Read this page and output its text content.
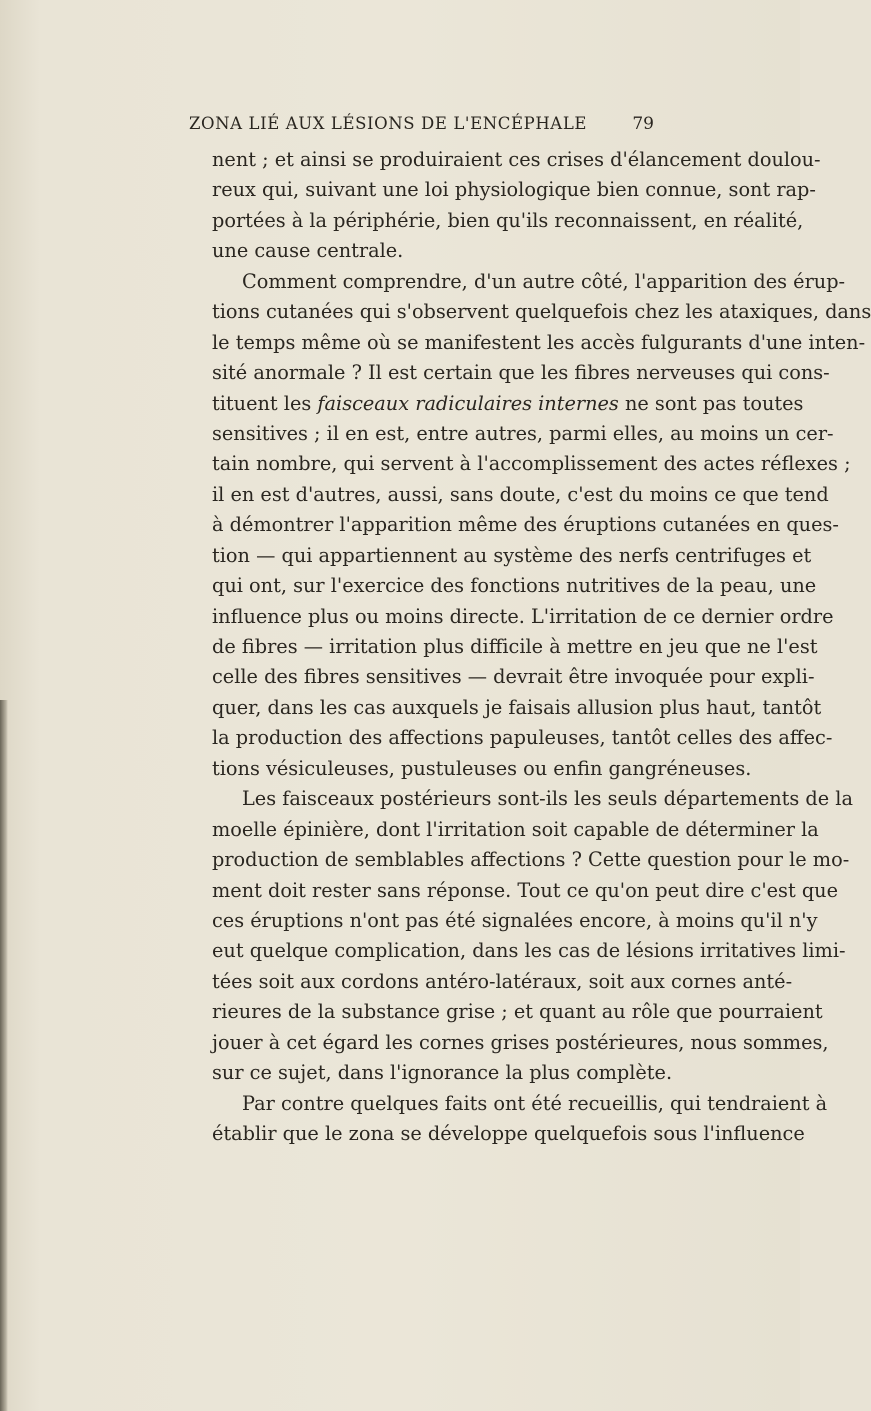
ZONA LIÉ AUX LÉSIONS DE L'ENCÉPHALE	79
nent ; et ainsi se produiraient ces crises d'élancement doulou-
reux qui, suivant une loi physiologique bien connue, sont rap-
portées à la périphérie, bien qu'ils reconnaissent, en réalité,
une cause centrale.
Comment comprendre, d'un autre côté, l'apparition des érup-
tions cutanées qui s'observent quelquefois chez les ataxiques, dans
le temps même où se manifestent les accès fulgurants d'une inten-
sité anormale ? Il est certain que les fibres nerveuses qui cons-
tituent les faisceaux radiculaires internes ne sont pas toutes
sensitives ; il en est, entre autres, parmi elles, au moins un cer-
tain nombre, qui servent à l'accomplissement des actes réflexes ;
il en est d'autres, aussi, sans doute, c'est du moins ce que tend
à démontrer l'apparition même des éruptions cutanées en ques-
tion — qui appartiennent au système des nerfs centrifuges et
qui ont, sur l'exercice des fonctions nutritives de la peau, une
influence plus ou moins directe. L'irritation de ce dernier ordre
de fibres — irritation plus difficile à mettre en jeu que ne l'est
celle des fibres sensitives — devrait être invoquée pour expli-
quer, dans les cas auxquels je faisais allusion plus haut, tantôt
la production des affections papuleuses, tantôt celles des affec-
tions vésiculeuses, pustuleuses ou enfin gangréneuses.
Les faisceaux postérieurs sont-ils les seuls départements de la
moelle épinière, dont l'irritation soit capable de déterminer la
production de semblables affections ? Cette question pour le mo-
ment doit rester sans réponse. Tout ce qu'on peut dire c'est que
ces éruptions n'ont pas été signalées encore, à moins qu'il n'y
eut quelque complication, dans les cas de lésions irritatives limi-
tées soit aux cordons antéro-latéraux, soit aux cornes anté-
rieures de la substance grise ; et quant au rôle que pourraient
jouer à cet égard les cornes grises postérieures, nous sommes,
sur ce sujet, dans l'ignorance la plus complète.
Par contre quelques faits ont été recueillis, qui tendraient à
établir que le zona se développe quelquefois sous l'influence
